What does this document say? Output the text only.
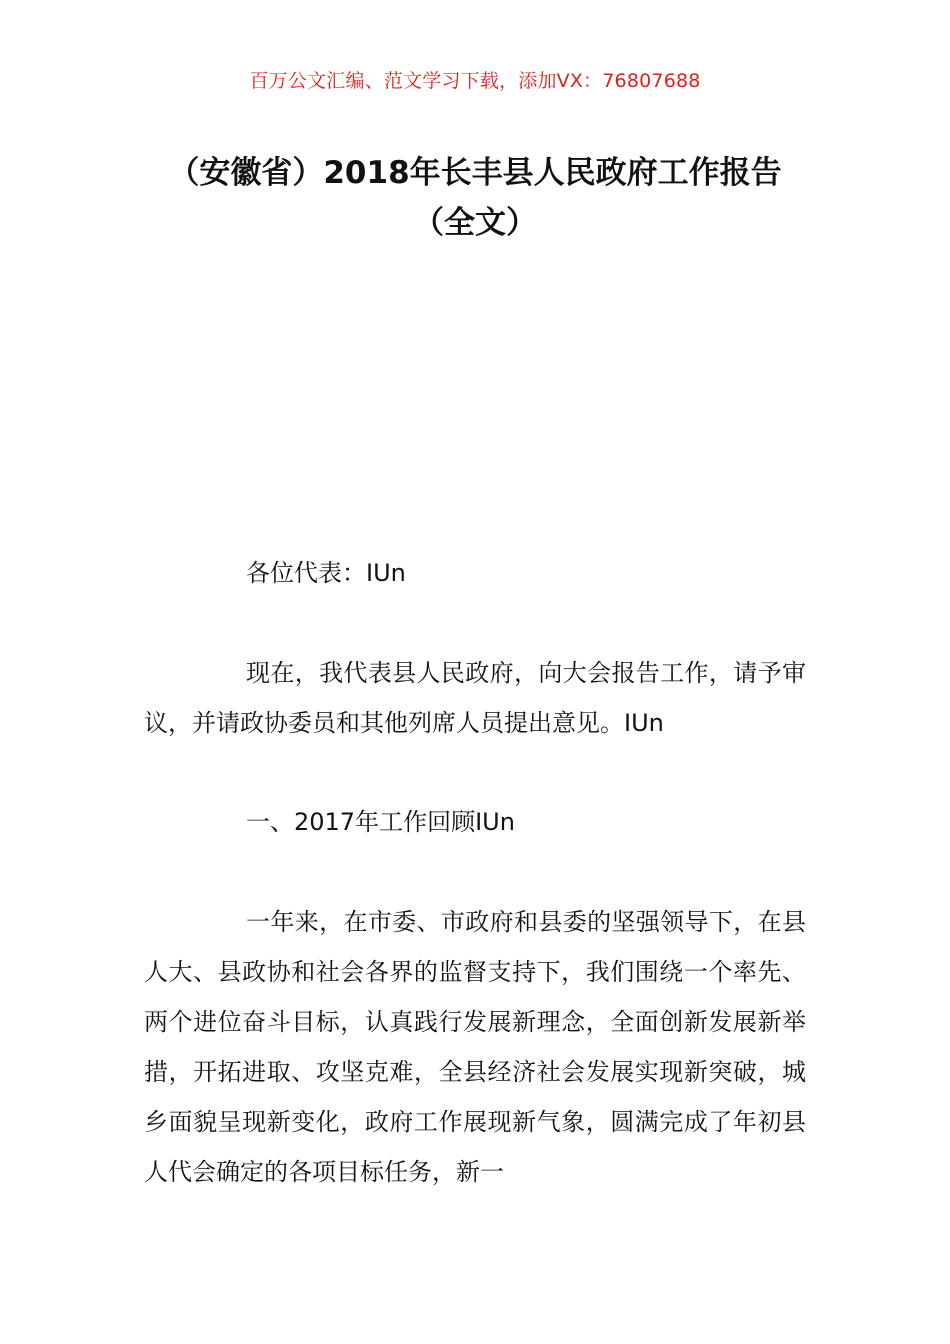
百万公文汇编、范文学习下载，添加VX：76807688
（安徽省）2018年长丰县人民政府工作报告（全文）

各位代表：IUn

现在，我代表县人民政府，向大会报告工作，请予审议，并请政协委员和其他列席人员提出意见。IUn

一、2017年工作回顾IUn

一年来，在市委、市政府和县委的坚强领导下，在县人大、县政协和社会各界的监督支持下，我们围绕一个率先、两个进位奋斗目标，认真践行发展新理念，全面创新发展新举措，开拓进取、攻坚克难，全县经济社会发展实现新突破，城乡面貌呈现新变化，政府工作展现新气象，圆满完成了年初县人代会确定的各项目标任务，新一
